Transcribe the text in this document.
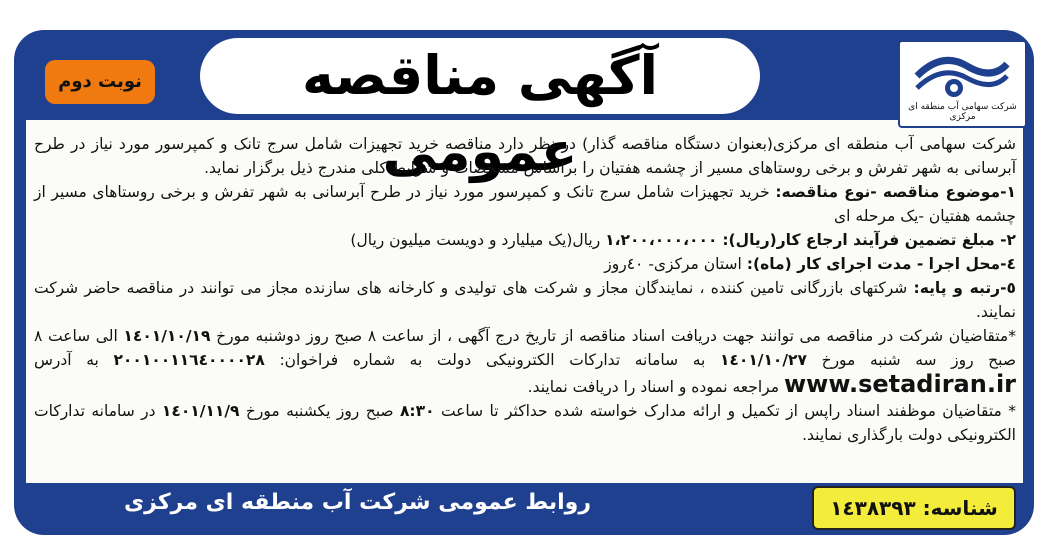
شرکت سهامی آب منطقه ای مرکزی
آگهی مناقصه عمومی
نوبت دوم

شرکت سهامی آب منطقه ای مرکزی(بعنوان دستگاه مناقصه گذار) در نظر دارد مناقصه خرید تجهیزات شامل سرج تانک و کمپرسور مورد نیاز در طرح آبرسانی به شهر تفرش و برخی روستاهای مسیر از چشمه هفتیان را براساس مشخصات و شرایط کلی مندرج ذیل برگزار نماید.

۱-موضوع مناقصه -نوع مناقصه: خرید تجهیزات شامل سرج تانک و کمپرسور مورد نیاز در طرح آبرسانی به شهر تفرش و برخی روستاهای مسیر از چشمه هفتیان -یک مرحله ای

۲- مبلغ تضمین فرآیند ارجاع کار(ریال): ۱،۲۰۰،۰۰۰،۰۰۰ ریال(یک میلیارد و دویست میلیون ریال)

٤-محل اجرا - مدت اجرای کار (ماه): استان مرکزی- ٤٠روز

٥-رتبه و پایه: شرکتهای بازرگانی تامین کننده ، نمایندگان مجاز و شرکت های تولیدی و کارخانه های سازنده مجاز می توانند در مناقصه حاضر شرکت نمایند.

*متقاضیان شرکت در مناقصه می توانند جهت دریافت اسناد مناقصه از تاریخ درج آگهی ، از ساعت ۸ صبح روز دوشنبه مورخ ۱٤٠۱/۱٠/۱۹ الی ساعت ۸ صبح روز سه شنبه مورخ ۱٤٠۱/۱٠/۲۷ به سامانه تدارکات الکترونیکی دولت به شماره فراخوان: ۲٠٠۱٠٠۱۱٦٤٠٠٠٠۲۸ به آدرس www.setadiran.ir مراجعه نموده و اسناد را دریافت نمایند.

* متقاضیان موظفند اسناد راپس از تکمیل و ارائه مدارک خواسته شده حداکثر تا ساعت ۸:۳٠ صبح روز یکشنبه مورخ ۱٤٠۱/۱۱/۹ در سامانه تدارکات الکترونیکی دولت بارگذاری نمایند.

روابط عمومی شرکت آب منطقه ای مرکزی	شناسه: ۱٤۳۸۳۹۳
